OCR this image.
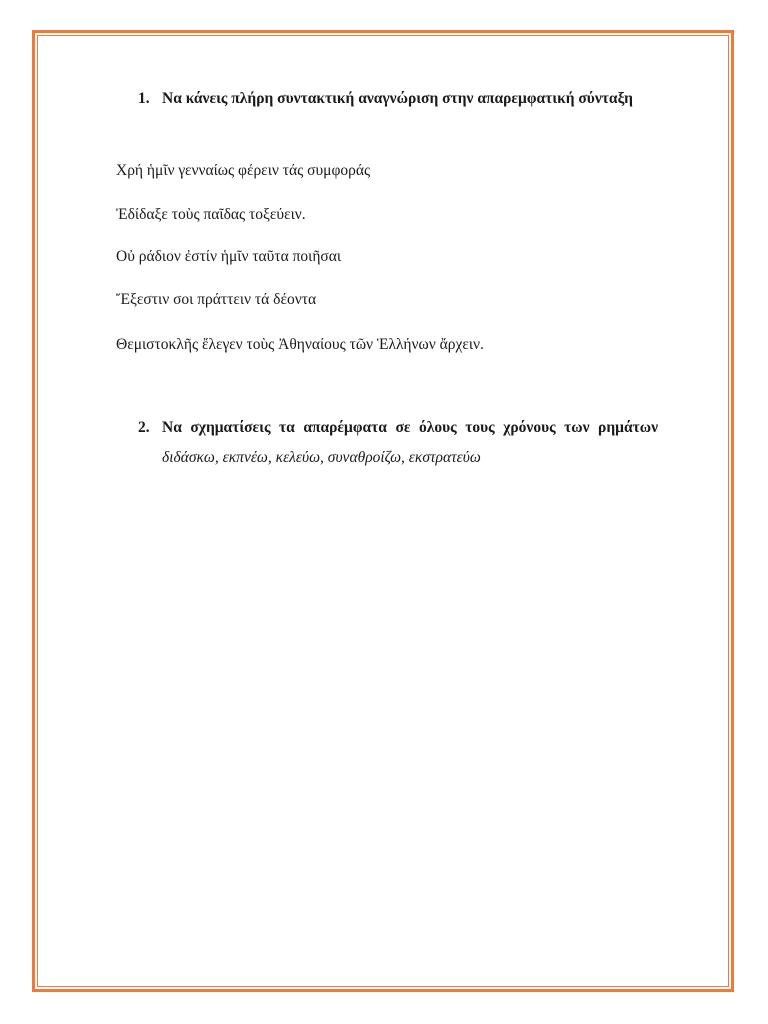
1. Να κάνεις πλήρη συντακτική αναγνώριση στην απαρεμφατική σύνταξη
Χρή ἡμῖν γενναίως φέρειν τάς συμφοράς
Ἐδίδαξε τοὺς παῖδας τοξεύειν.
Οὐ ράδιον ἐστίν ἡμῖν ταῦτα ποιῆσαι
Ἔξεστιν σοι πράττειν τά δέοντα
Θεμιστοκλῆς ἔλεγεν τοὺς Ἀθηναίους τῶν Ἑλλήνων ἄρχειν.
2. Να σχηματίσεις τα απαρέμφατα σε όλους τους χρόνους των ρημάτων διδάσκω, εκπνέω, κελεύω, συναθροίζω, εκστρατεύω
